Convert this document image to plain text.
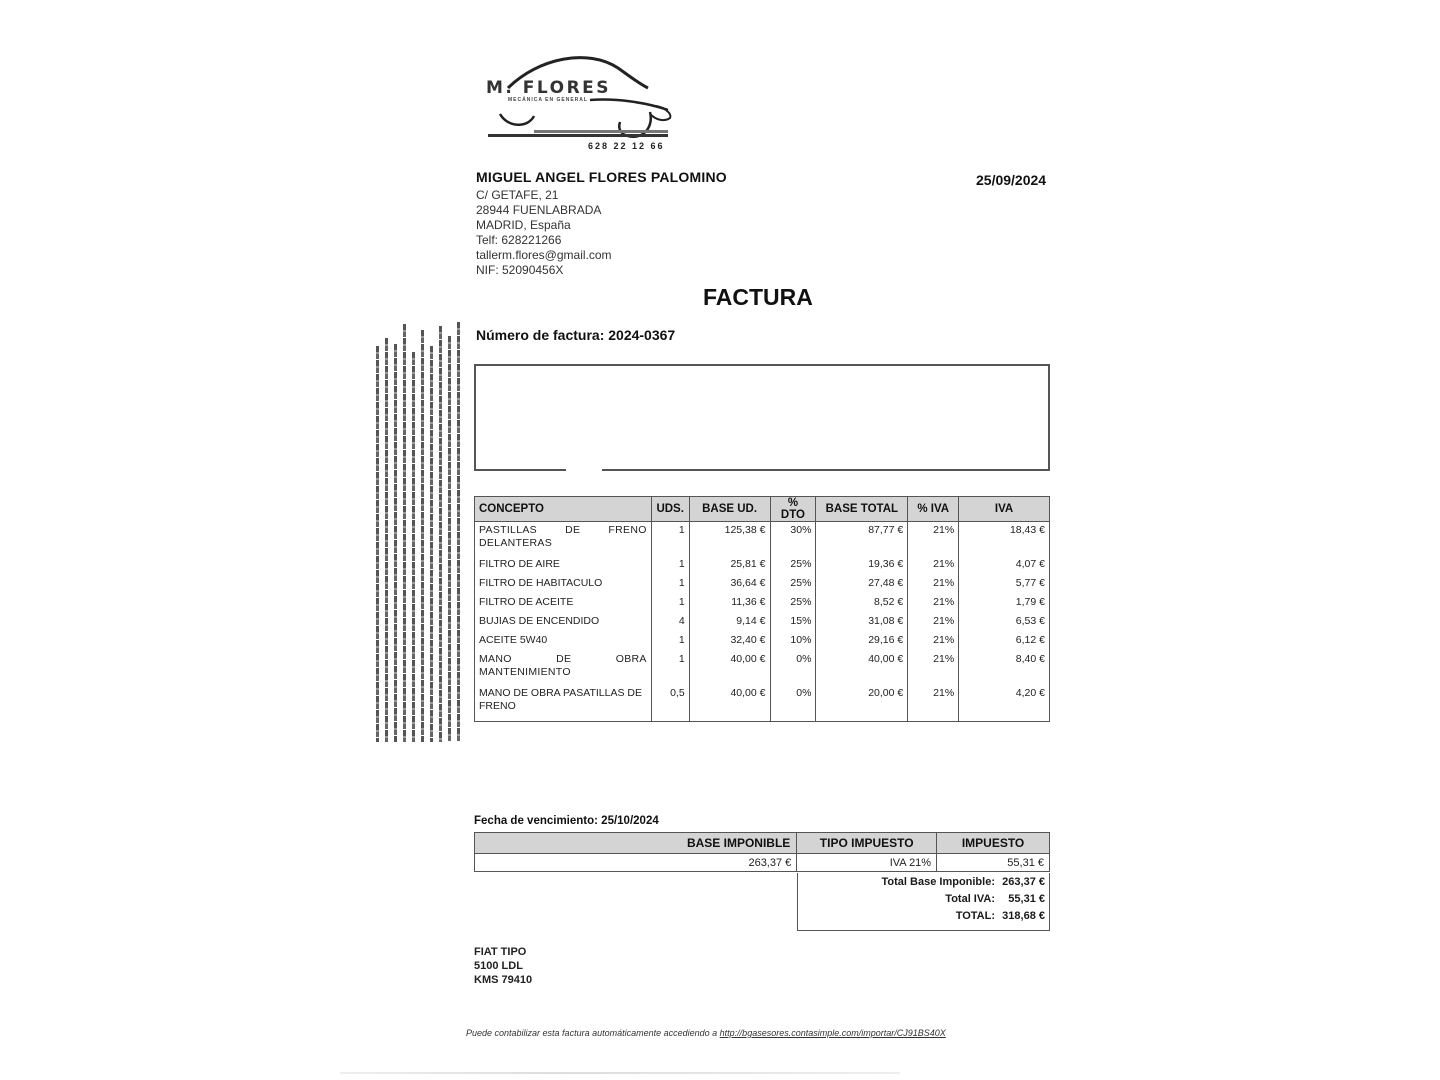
M. FLORES
MECÁNICA EN GENERAL
628 22 12 66
MIGUEL ANGEL FLORES PALOMINO
C/ GETAFE, 21
28944 FUENLABRADA
MADRID, España
Telf: 628221266
tallerm.flores@gmail.com
NIF: 52090456X
25/09/2024
FACTURA
Número de factura: 2024-0367
CONCEPTO	UDS.	BASE UD.	% DTO	BASE TOTAL	% IVA	IVA
PASTILLAS DE FRENO DELANTERAS	1	125,38 €	30%	87,77 €	21%	18,43 €
FILTRO DE AIRE	1	25,81 €	25%	19,36 €	21%	4,07 €
FILTRO DE HABITACULO	1	36,64 €	25%	27,48 €	21%	5,77 €
FILTRO DE ACEITE	1	11,36 €	25%	8,52 €	21%	1,79 €
BUJIAS DE ENCENDIDO	4	9,14 €	15%	31,08 €	21%	6,53 €
ACEITE 5W40	1	32,40 €	10%	29,16 €	21%	6,12 €
MANO DE OBRA MANTENIMIENTO	1	40,00 €	0%	40,00 €	21%	8,40 €
MANO DE OBRA PASATILLAS DE FRENO	0,5	40,00 €	0%	20,00 €	21%	4,20 €
Fecha de vencimiento: 25/10/2024
BASE IMPONIBLE	TIPO IMPUESTO	IMPUESTO
263,37 €	IVA 21%	55,31 €
Total Base Imponible: 263,37 €
Total IVA:	55,31 €
TOTAL: 318,68 €
FIAT TIPO
5100 LDL
KMS 79410
Puede contabilizar esta factura automáticamente accediendo a http://bgasesores.contasimple.com/importar/CJ91BS40X
